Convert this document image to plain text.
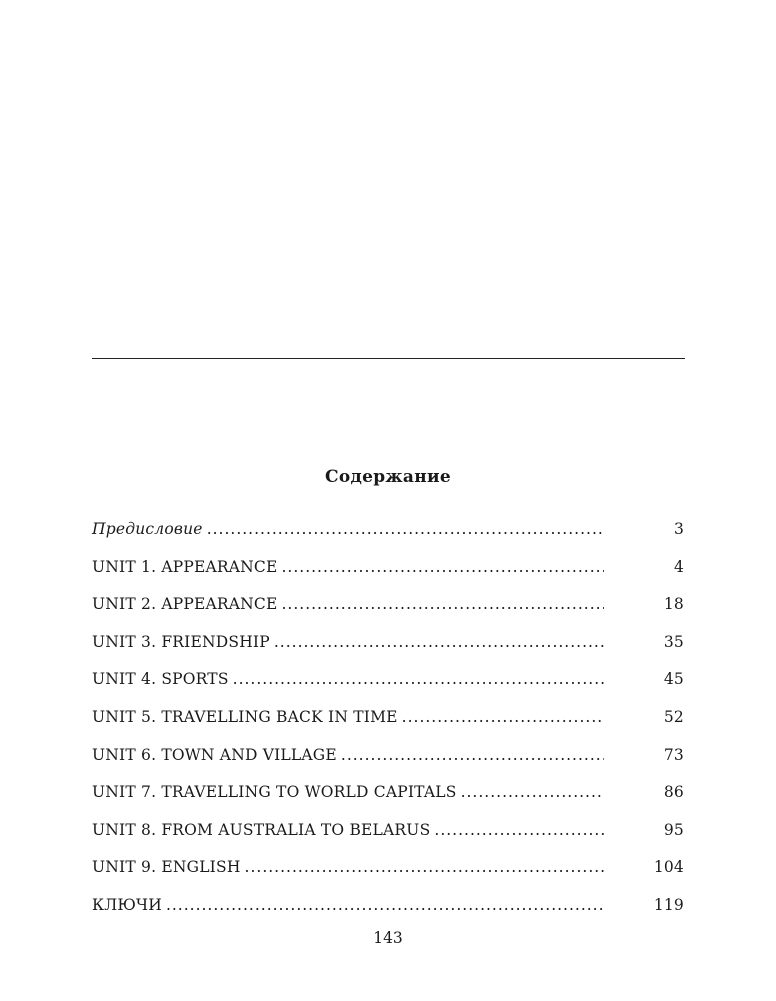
Содержание
Предисловие .....	3
UNIT 1. APPEARANCE .....	4
UNIT 2. APPEARANCE .....	18
UNIT 3. FRIENDSHIP .....	35
UNIT 4. SPORTS .....	45
UNIT 5. TRAVELLING BACK IN TIME .....	52
UNIT 6. TOWN AND VILLAGE .....	73
UNIT 7. TRAVELLING TO WORLD CAPITALS .....	86
UNIT 8. FROM AUSTRALIA TO BELARUS .....	95
UNIT 9. ENGLISH .....	104
КЛЮЧИ .....	119
143
